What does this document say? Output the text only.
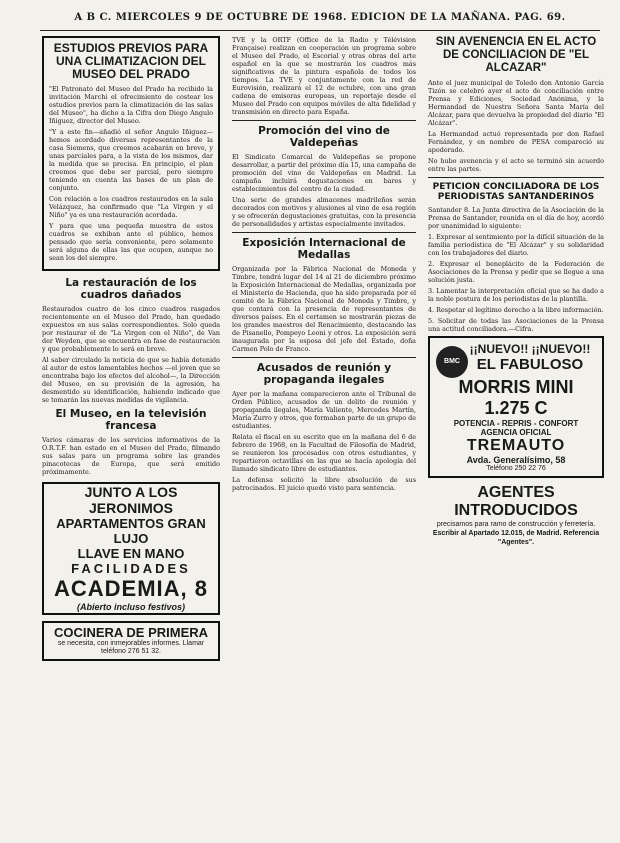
A B C. MIERCOLES 9 DE OCTUBRE DE 1968. EDICION DE LA MAÑANA. PAG. 69.
ESTUDIOS PREVIOS PARA UNA CLIMATIZACION DEL MUSEO DEL PRADO

"El Patronato del Museo del Prado ha recibido la invitación Marchi el ofrecimiento de costear los estudios previos para la climatización de las salas del Museo", ha dicho a la Cifra don Diego Angulo Iñiguez, director del Museo.

"Y a este fin—añadió el señor Angulo Iñiguez—hemos acordado diversas representantes de la casa Siemens, que creemos acabarán en breve, y unas parciales para, a la vista de los mismos, dar la medida que se precisa. En principio, el plan creemos que debe ser parcial, pero siempre teniendo en cuenta las bases de un plan de conjunto.

Con relación a los cuadros restaurados en la sala Velázquez, ha confirmado que "La Virgen y el Niño" ya es una restauración acordada.

Y para que una pequeña muestra de estos cuadros se exhiban ante el público, hemos pensado que sería conveniente, pero solamente será alguna de ellas las que ocupen, aunque no sean los del siempre.

La restauración de los cuadros dañados

Restaurados cuatro de los cinco cuadros rasgados recientemente en el Museo del Prado, han quedado expuestos en sus salas correspondientes. Solo queda por restaurar el de "La Virgen con el Niño", de Van der Weyden, que se encuentra en fase de restauración y que probablemente lo será en breve.

Al saber circulado la noticia de que se había detenido al autor de estos lamentables hechos —el joven que se encontraba bajo los efectos del alcohol—, la Dirección del Museo, en su provisión de la agresión, ha desmentido su identificación, habiendo indicado que se tomarán las nuevas medidas de vigilancia.

El Museo, en la televisión francesa

Varios cámaras de los servicios informativos de la O.R.T.F. han estado en el Museo del Prado, filmando sus salas para un programa sobre las grandes pinacotecas de Europa, que será emitido próximamente.

JUNTO A LOS JERONIMOS
APARTAMENTOS GRAN LUJO
LLAVE EN MANO
FACILIDADES
ACADEMIA, 8
(Abierto incluso festivos)
COCINERA DE PRIMERA
se necesita, con inmejorables informes. Llamar teléfono 276 51 32.

TVE y la ORTF (Office de la Radio y Télévision Française) realizan en cooperación un programa sobre el Museo del Prado, el Escorial y otras obras del arte español en la que se mostrarán los cuadros más significativos de la pintura española de todos los tiempos. La TVE y conjuntamente con la red de Eurovisión, realizará el 12 de octubre, con una gran cadena de emisoras europeas, un reportaje desde el Museo del Prado con equipos móviles de alta fidelidad y transmisión en directo para España.

Promoción del vino de Valdepeñas

El Sindicato Comarcal de Valdepeñas se propone desarrollar, a partir del próximo día 15, una campaña de promoción del vino de Valdepeñas en Madrid. La campaña incluirá degustaciones en bares y establecimientos del centro de la ciudad.

Una serie de grandes almacenes madrileños serán decorados con motivos y alusiones al vino de esa región y se ofrecerán degustaciones gratuitas, con la presencia de personalidades y artistas especialmente invitados.

Exposición Internacional de Medallas

Organizada por la Fábrica Nacional de Moneda y Timbre, tendrá lugar del 14 al 21 de diciembre próximo la Exposición Internacional de Medallas, organizada por el Ministerio de Hacienda, que ha sido preparada por el comité de la Fábrica Nacional de Moneda y Timbre, y que contará con la presencia de representantes de diversos países. En el certamen se mostrarán piezas de los grandes maestros del Renacimiento, destacando las de Pisanello, Pompeyo Leoni y otros. La exposición será inaugurada por la esposa del jefe del Estado, doña Carmen Polo de Franco.

Acusados de reunión y propaganda ilegales

Ayer por la mañana comparecieron ante el Tribunal de Orden Público, acusados de un delito de reunión y propaganda ilegales, María Valiente, Mercedes Martín, María Zurro y otros, que formaban parte de un grupo de estudiantes.

Relata el fiscal en su escrito que en la mañana del 6 de febrero de 1968, en la Facultad de Filosofía de Madrid, se reunieron los procesados con otros estudiantes, y repartieron octavillas en las que se hacía apología del llamado sindicato libre de estudiantes.

La defensa solicitó la libre absolución de sus patrocinados. El juicio quedó visto para sentencia.

SIN AVENENCIA EN EL ACTO DE CONCILIACION DE "EL ALCAZAR"

Ante el juez municipal de Toledo don Antonio García Tizón se celebró ayer el acto de conciliación entre Prensa y Ediciones, Sociedad Anónima, y la Hermandad de Nuestra Señora Santa María del Alcázar, para que devuelva la propiedad del diario "El Alcázar".

La Hermandad actuó representada por don Rafael Fernández, y en nombre de PESA compareció su apoderado.

No hubo avenencia y el acto se terminó sin acuerdo entre las partes.

PETICION CONCILIADORA DE LOS PERIODISTAS SANTANDERINOS

Santander 8. La Junta directiva de la Asociación de la Prensa de Santander, reunida en el día de hoy, acordó por unanimidad lo siguiente:

1. Expresar al sentimiento por la difícil situación de la familia periodística de "El Alcázar" y su solidaridad con los trabajadores del diario.

2. Expresar el beneplácito de la Federación de Asociaciones de la Prensa y pedir que se llegue a una solución justa.

3. Lamentar la interpretación oficial que se ha dado a la noble postura de los periodistas de la plantilla.

4. Respetar el legítimo derecho a la libre información.

5. Solicitar de todas las Asociaciones de la Prensa una actitud conciliadora.—Cifra.

BMC
¡¡NUEVO!! ¡¡NUEVO!!
EL FABULOSO
MORRIS MINI 1.275 C
POTENCIA - REPRIS - CONFORT
AGENCIA OFICIAL
TREMAUTO
Avda. Generalísimo, 58
Teléfono 250 22 76
AGENTES INTRODUCIDOS
precisamos para ramo de construcción y ferretería.
Escribir al Apartado 12.015, de Madrid. Referencia "Agentes".
